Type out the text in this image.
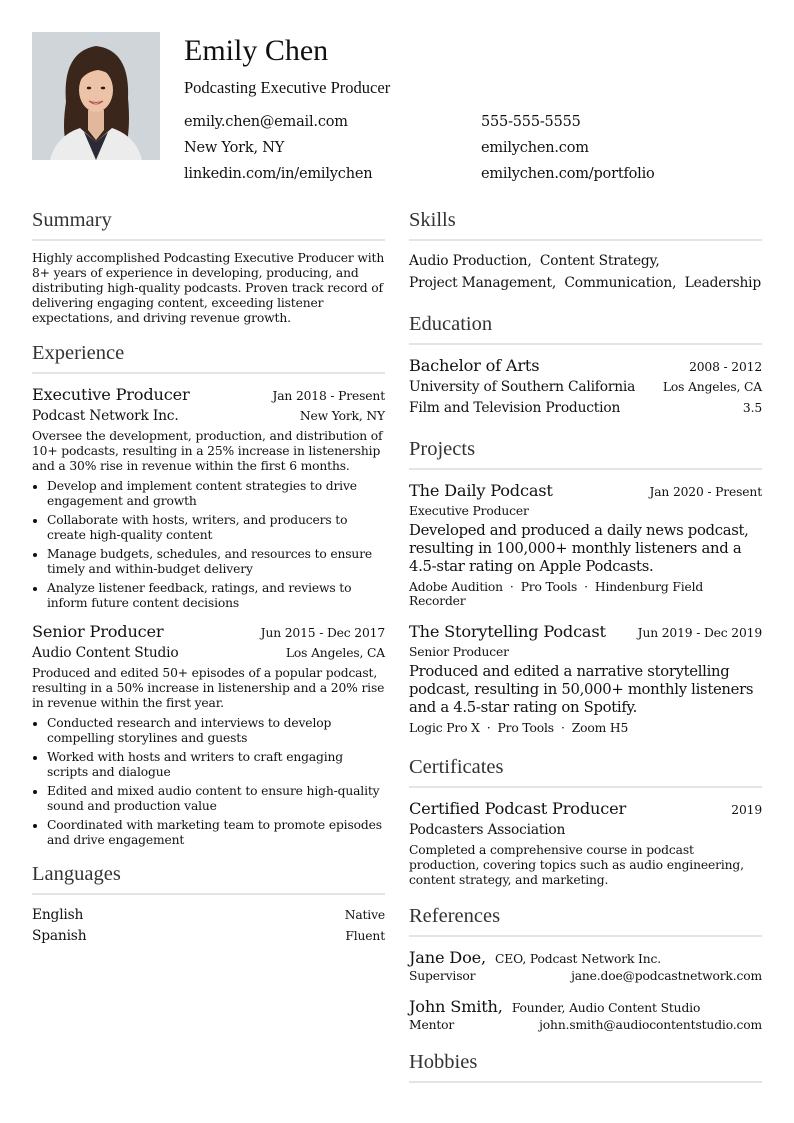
Emily Chen
Podcasting Executive Producer
emily.chen@email.com	555-555-5555
New York, NY	emilychen.com
linkedin.com/in/emilychen	emilychen.com/portfolio
Summary
Highly accomplished Podcasting Executive Producer with 8+ years of experience in developing, producing, and distributing high-quality podcasts. Proven track record of delivering engaging content, exceeding listener expectations, and driving revenue growth.
Experience
Executive Producer	Jan 2018 - Present
Podcast Network Inc.	New York, NY
Oversee the development, production, and distribution of 10+ podcasts, resulting in a 25% increase in listenership and a 30% rise in revenue within the first 6 months.
• Develop and implement content strategies to drive engagement and growth
• Collaborate with hosts, writers, and producers to create high-quality content
• Manage budgets, schedules, and resources to ensure timely and within-budget delivery
• Analyze listener feedback, ratings, and reviews to inform future content decisions
Senior Producer	Jun 2015 - Dec 2017
Audio Content Studio	Los Angeles, CA
Produced and edited 50+ episodes of a popular podcast, resulting in a 50% increase in listenership and a 20% rise in revenue within the first year.
• Conducted research and interviews to develop compelling storylines and guests
• Worked with hosts and writers to craft engaging scripts and dialogue
• Edited and mixed audio content to ensure high-quality sound and production value
• Coordinated with marketing team to promote episodes and drive engagement
Languages
English	Native
Spanish	Fluent
Skills
Audio Production,  Content Strategy,
Project Management,  Communication,  Leadership
Education
Bachelor of Arts	2008 - 2012
University of Southern California Los Angeles, CA
Film and Television Production	3.5
Projects
The Daily Podcast	Jan 2020 - Present
Executive Producer
Developed and produced a daily news podcast, resulting in 100,000+ monthly listeners and a 4.5-star rating on Apple Podcasts.
Adobe Audition · Pro Tools · Hindenburg Field Recorder
The Storytelling Podcast	Jun 2019 - Dec 2019
Senior Producer
Produced and edited a narrative storytelling podcast, resulting in 50,000+ monthly listeners and a 4.5-star rating on Spotify.
Logic Pro X · Pro Tools · Zoom H5
Certificates
Certified Podcast Producer	2019
Podcasters Association
Completed a comprehensive course in podcast production, covering topics such as audio engineering, content strategy, and marketing.
References
Jane Doe, CEO, Podcast Network Inc.
Supervisor	jane.doe@podcastnetwork.com
John Smith, Founder, Audio Content Studio
Mentor	john.smith@audiocontentstudio.com
Hobbies
